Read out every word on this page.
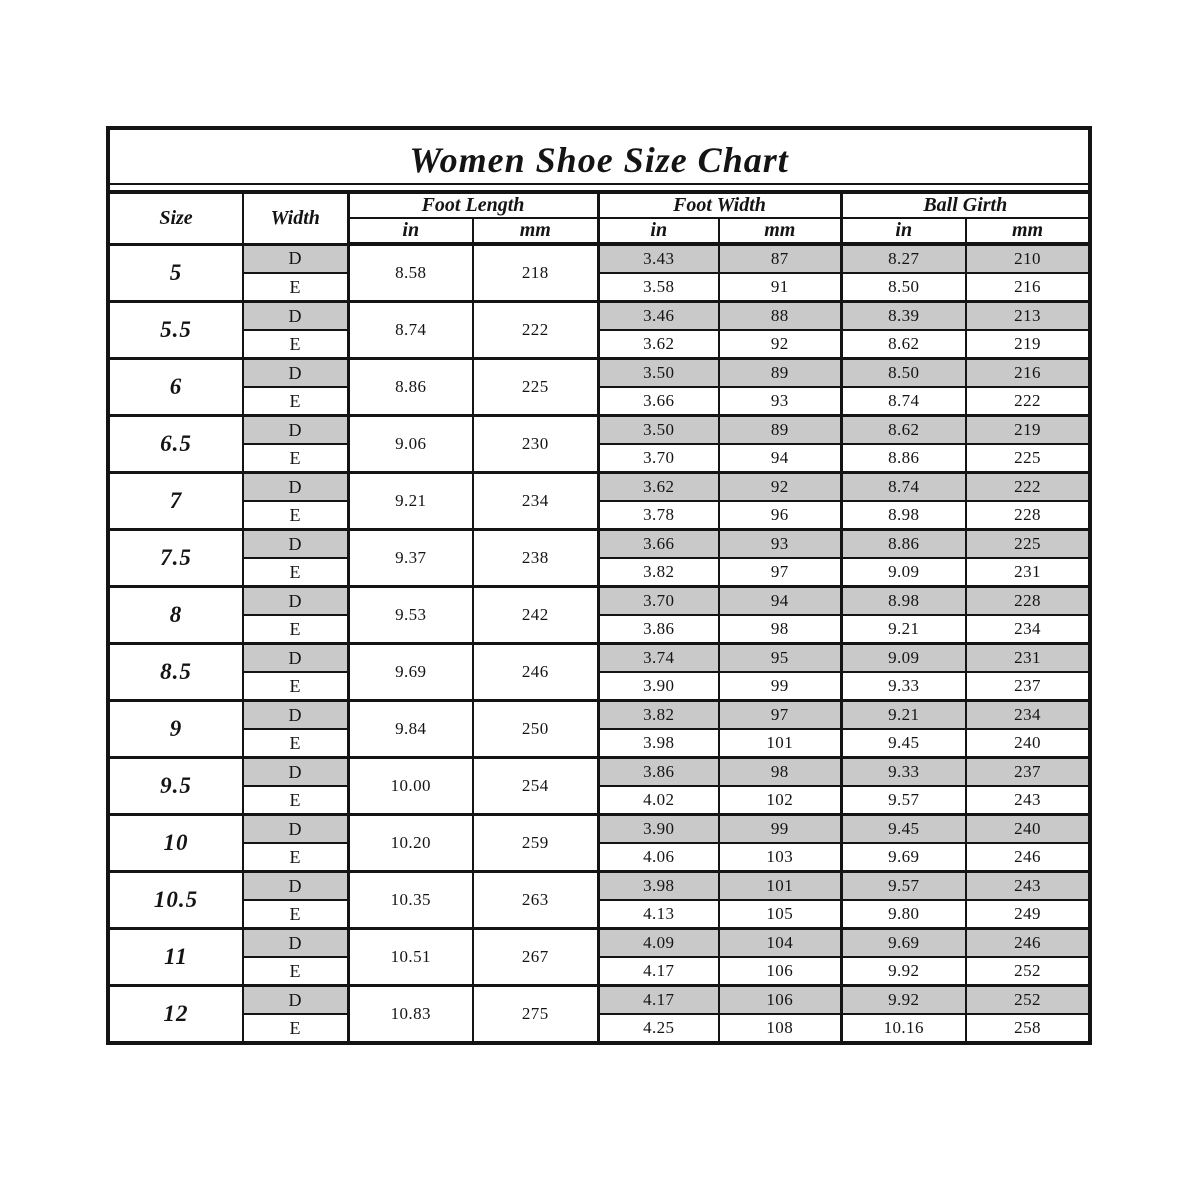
Women Shoe Size Chart							
Size	Width	Foot Length		Foot Width		Ball Girth	
		in	mm	in	mm	in	mm
5	D	8.58	218	3.43	87	8.27	210
	E			3.58	91	8.50	216
5.5	D	8.74	222	3.46	88	8.39	213
	E			3.62	92	8.62	219
6	D	8.86	225	3.50	89	8.50	216
	E			3.66	93	8.74	222
6.5	D	9.06	230	3.50	89	8.62	219
	E			3.70	94	8.86	225
7	D	9.21	234	3.62	92	8.74	222
	E			3.78	96	8.98	228
7.5	D	9.37	238	3.66	93	8.86	225
	E			3.82	97	9.09	231
8	D	9.53	242	3.70	94	8.98	228
	E			3.86	98	9.21	234
8.5	D	9.69	246	3.74	95	9.09	231
	E			3.90	99	9.33	237
9	D	9.84	250	3.82	97	9.21	234
	E			3.98	101	9.45	240
9.5	D	10.00	254	3.86	98	9.33	237
	E			4.02	102	9.57	243
10	D	10.20	259	3.90	99	9.45	240
	E			4.06	103	9.69	246
10.5	D	10.35	263	3.98	101	9.57	243
	E			4.13	105	9.80	249
11	D	10.51	267	4.09	104	9.69	246
	E			4.17	106	9.92	252
12	D	10.83	275	4.17	106	9.92	252
	E			4.25	108	10.16	258
